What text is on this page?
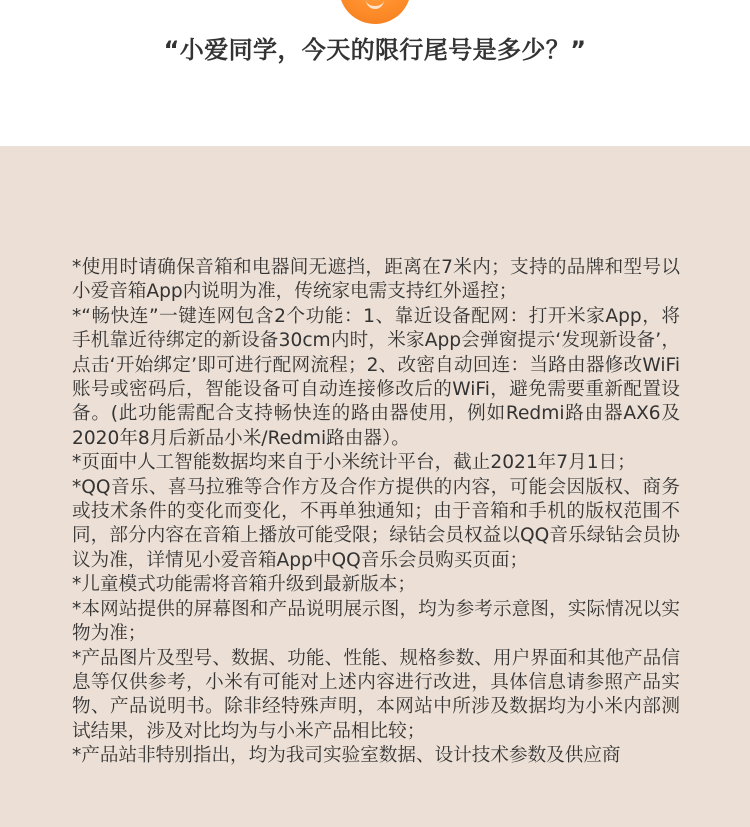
“小爱同学，今天的限行尾号是多少？”

*使用时请确保音箱和电器间无遮挡，距离在7米内；支持的品牌和型号以小爱音箱App内说明为准，传统家电需支持红外遥控；

*“畅快连”一键连网包含2个功能：1、靠近设备配网：打开米家App，将手机靠近待绑定的新设备30cm内时，米家App会弹窗提示‘发现新设备’，点击‘开始绑定’即可进行配网流程；2、改密自动回连：当路由器修改WiFi账号或密码后，智能设备可自动连接修改后的WiFi，避免需要重新配置设备。(此功能需配合支持畅快连的路由器使用，例如Redmi路由器AX6及2020年8月后新品小米/Redmi路由器）。

*页面中人工智能数据均来自于小米统计平台，截止2021年7月1日；

*QQ音乐、喜马拉雅等合作方及合作方提供的内容，可能会因版权、商务或技术条件的变化而变化，不再单独通知；由于音箱和手机的版权范围不同，部分内容在音箱上播放可能受限；绿钻会员权益以QQ音乐绿钻会员协议为准，详情见小爱音箱App中QQ音乐会员购买页面；

*儿童模式功能需将音箱升级到最新版本；

*本网站提供的屏幕图和产品说明展示图，均为参考示意图，实际情况以实物为准；

*产品图片及型号、数据、功能、性能、规格参数、用户界面和其他产品信息等仅供参考，小米有可能对上述内容进行改进，具体信息请参照产品实物、产品说明书。除非经特殊声明，本网站中所涉及数据均为小米内部测试结果，涉及对比均为与小米产品相比较；

*产品站非特别指出，均为我司实验室数据、设计技术参数及供应商
